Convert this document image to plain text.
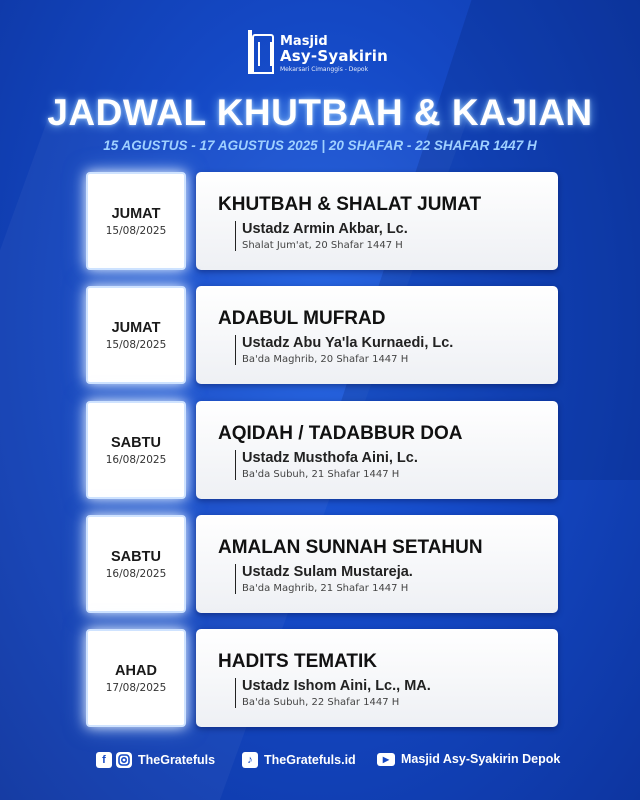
Masjid
Asy-Syakirin
Mekarsari Cimanggis - Depok
JADWAL KHUTBAH & KAJIAN
15 AGUSTUS - 17 AGUSTUS 2025 | 20 SHAFAR - 22 SHAFAR 1447 H
JUMAT
15/08/2025
KHUTBAH & SHALAT JUMAT
Ustadz Armin Akbar, Lc.
Shalat Jum'at, 20 Shafar 1447 H
JUMAT
15/08/2025
ADABUL MUFRAD
Ustadz Abu Ya'la Kurnaedi, Lc.
Ba'da Maghrib, 20 Shafar 1447 H
SABTU
16/08/2025
AQIDAH / TADABBUR DOA
Ustadz Musthofa Aini, Lc.
Ba'da Subuh, 21 Shafar 1447 H
SABTU
16/08/2025
AMALAN SUNNAH SETAHUN
Ustadz Sulam Mustareja.
Ba'da Maghrib, 21 Shafar 1447 H
AHAD
17/08/2025
HADITS TEMATIK
Ustadz Ishom Aini, Lc., MA.
Ba'da Subuh, 22 Shafar 1447 H
f	TheGratefuls	♪ TheGratefuls.id	▶ Masjid Asy-Syakirin Depok
